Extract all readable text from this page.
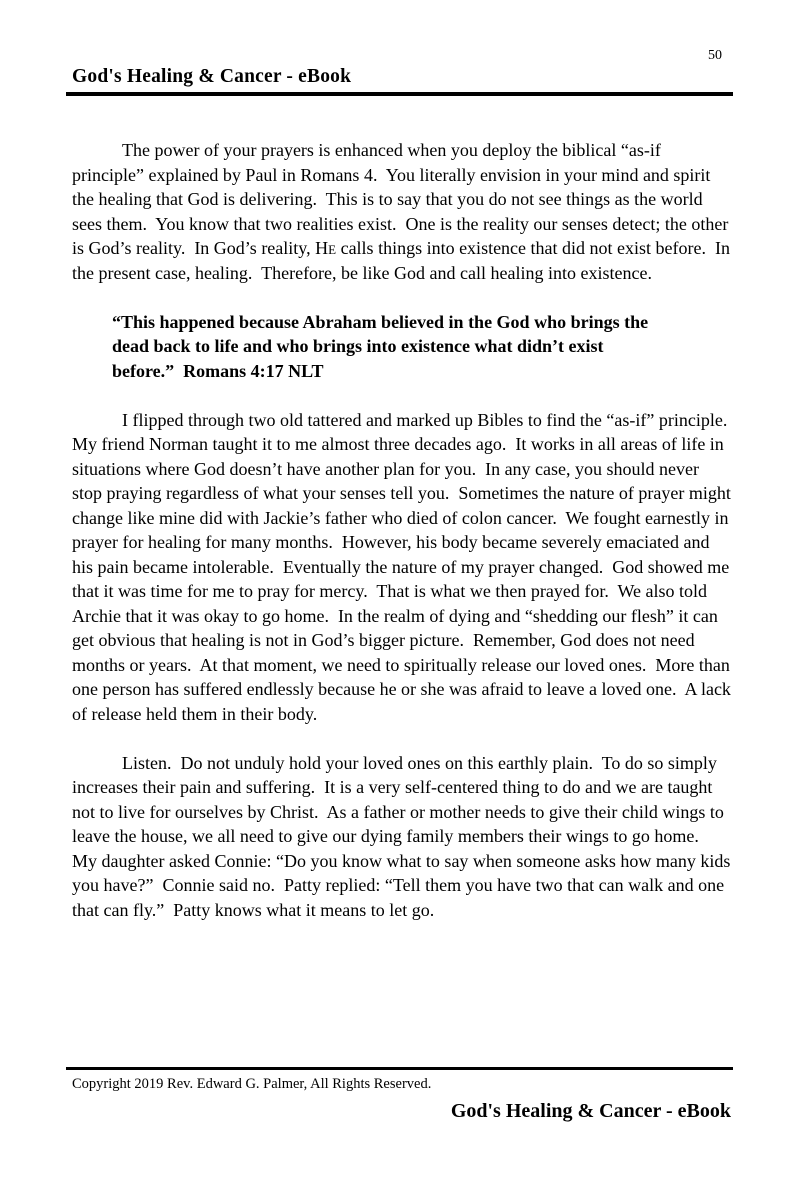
50
God's Healing & Cancer - eBook

The power of your prayers is enhanced when you deploy the biblical “as-if principle” explained by Paul in Romans 4.  You literally envision in your mind and spirit the healing that God is delivering.  This is to say that you do not see things as the world sees them.  You know that two realities exist.  One is the reality our senses detect; the other is God’s reality.  In God’s reality, He calls things into existence that did not exist before.  In the present case, healing.  Therefore, be like God and call healing into existence.

“This happened because Abraham believed in the God who brings the dead back to life and who brings into existence what didn’t exist before.”  Romans 4:17 NLT

I flipped through two old tattered and marked up Bibles to find the “as-if” principle.  My friend Norman taught it to me almost three decades ago.  It works in all areas of life in situations where God doesn’t have another plan for you.  In any case, you should never stop praying regardless of what your senses tell you.  Sometimes the nature of prayer might change like mine did with Jackie’s father who died of colon cancer.  We fought earnestly in prayer for healing for many months.  However, his body became severely emaciated and his pain became intolerable.  Eventually the nature of my prayer changed.  God showed me that it was time for me to pray for mercy.  That is what we then prayed for.  We also told Archie that it was okay to go home.  In the realm of dying and “shedding our flesh” it can get obvious that healing is not in God’s bigger picture.  Remember, God does not need months or years.  At that moment, we need to spiritually release our loved ones.  More than one person has suffered endlessly because he or she was afraid to leave a loved one.  A lack of release held them in their body.

Listen.  Do not unduly hold your loved ones on this earthly plain.  To do so simply increases their pain and suffering.  It is a very self-centered thing to do and we are taught not to live for ourselves by Christ.  As a father or mother needs to give their child wings to leave the house, we all need to give our dying family members their wings to go home.  My daughter asked Connie: “Do you know what to say when someone asks how many kids you have?”  Connie said no.  Patty replied: “Tell them you have two that can walk and one that can fly.”  Patty knows what it means to let go.

Copyright 2019 Rev. Edward G. Palmer, All Rights Reserved.
God's Healing & Cancer - eBook
